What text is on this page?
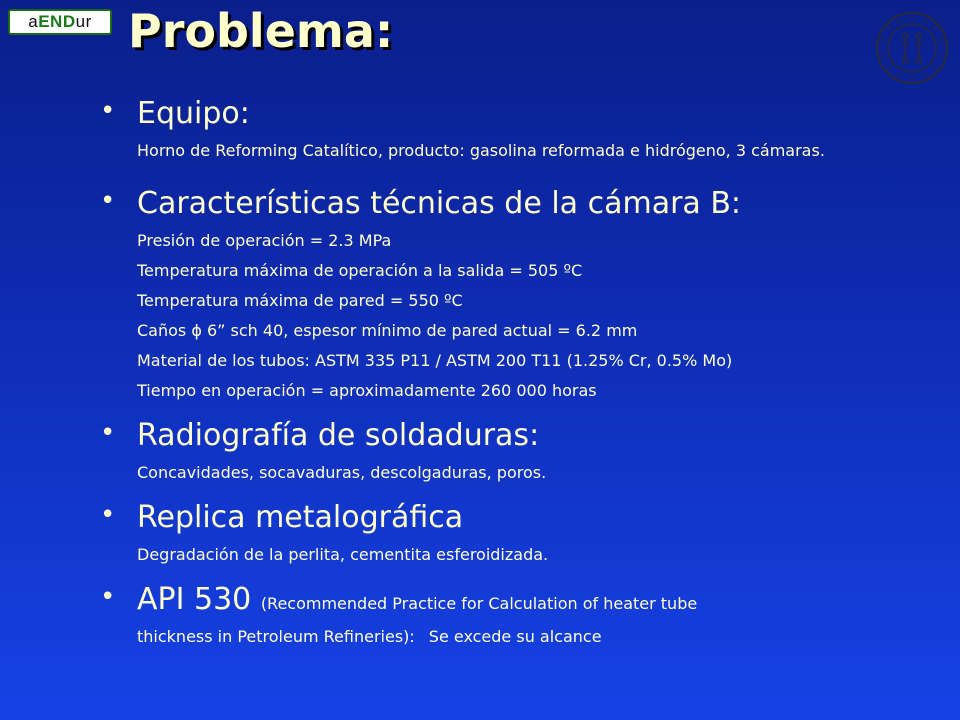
a END ur Problema:
• Equipo:
Horno de Reforming Catalítico, producto: gasolina reformada e hidrógeno, 3 cámaras.
• Características técnicas de la cámara B:
Presión de operación = 2.3 MPa
Temperatura máxima de operación a la salida = 505 ºC
Temperatura máxima de pared = 550 ºC
Caños ϕ 6” sch 40, espesor mínimo de pared actual = 6.2 mm
Material de los tubos: ASTM 335 P11 / ASTM 200 T11 (1.25% Cr, 0.5% Mo)
Tiempo en operación = aproximadamente 260 000 horas
• Radiografía de soldaduras:
Concavidades, socavaduras, descolgaduras, poros.
• Replica metalográfica
Degradación de la perlita, cementita esferoidizada.
• API 530 (Recommended Practice for Calculation of heater tube
thickness in Petroleum Refineries): Se excede su alcance
